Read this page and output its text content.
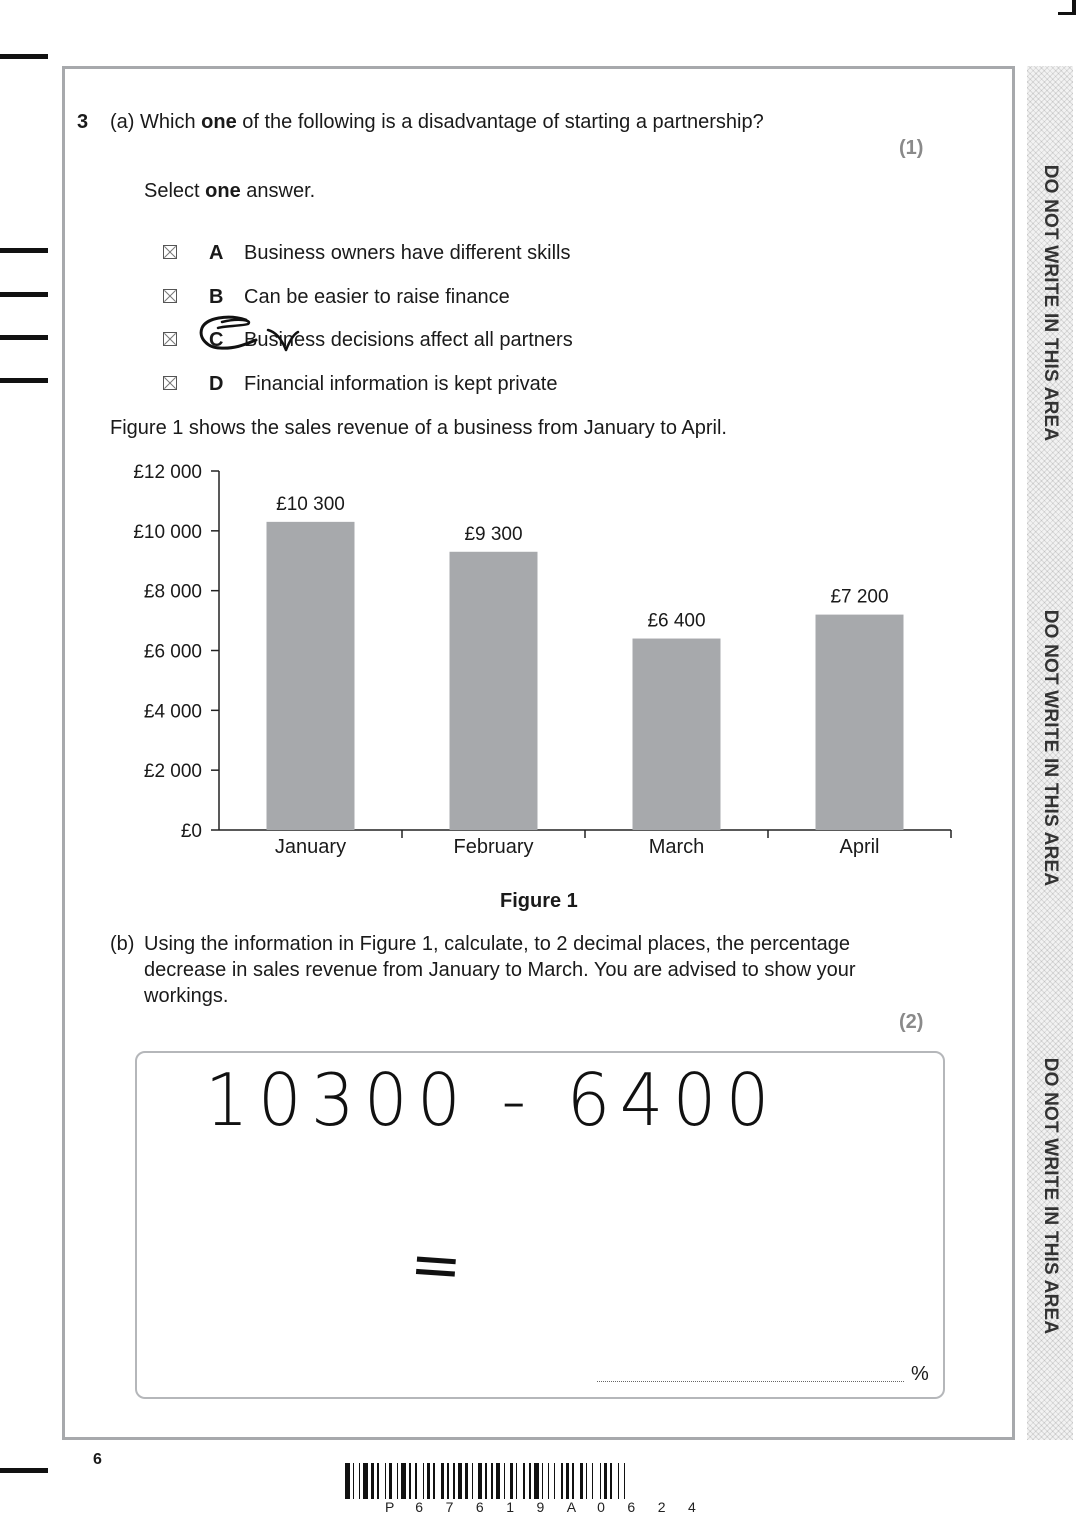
DO NOT WRITE IN THIS AREA
DO NOT WRITE IN THIS AREA
DO NOT WRITE IN THIS AREA
3 (a) Which one of the following is a disadvantage of starting a partnership?
(1)
Select one answer.
A Business owners have different skills
B Can be easier to raise finance
C Business decisions affect all partners
D Financial information is kept private
Figure 1 shows the sales revenue of a business from January to April.
£0
£2 000
£4 000
£6 000
£8 000
£10 000
£12 000
£10 300
January
£9 300
February
£6 400
March
£7 200
April
Figure 1
(b) Using the information in Figure 1, calculate, to 2 decimal places, the percentage
decrease in sales revenue from January to March. You are advised to show your
workings.
(2)
10300 - 6400
=
%
6
P 6 7 6 1 9 A 0 6 2 4
